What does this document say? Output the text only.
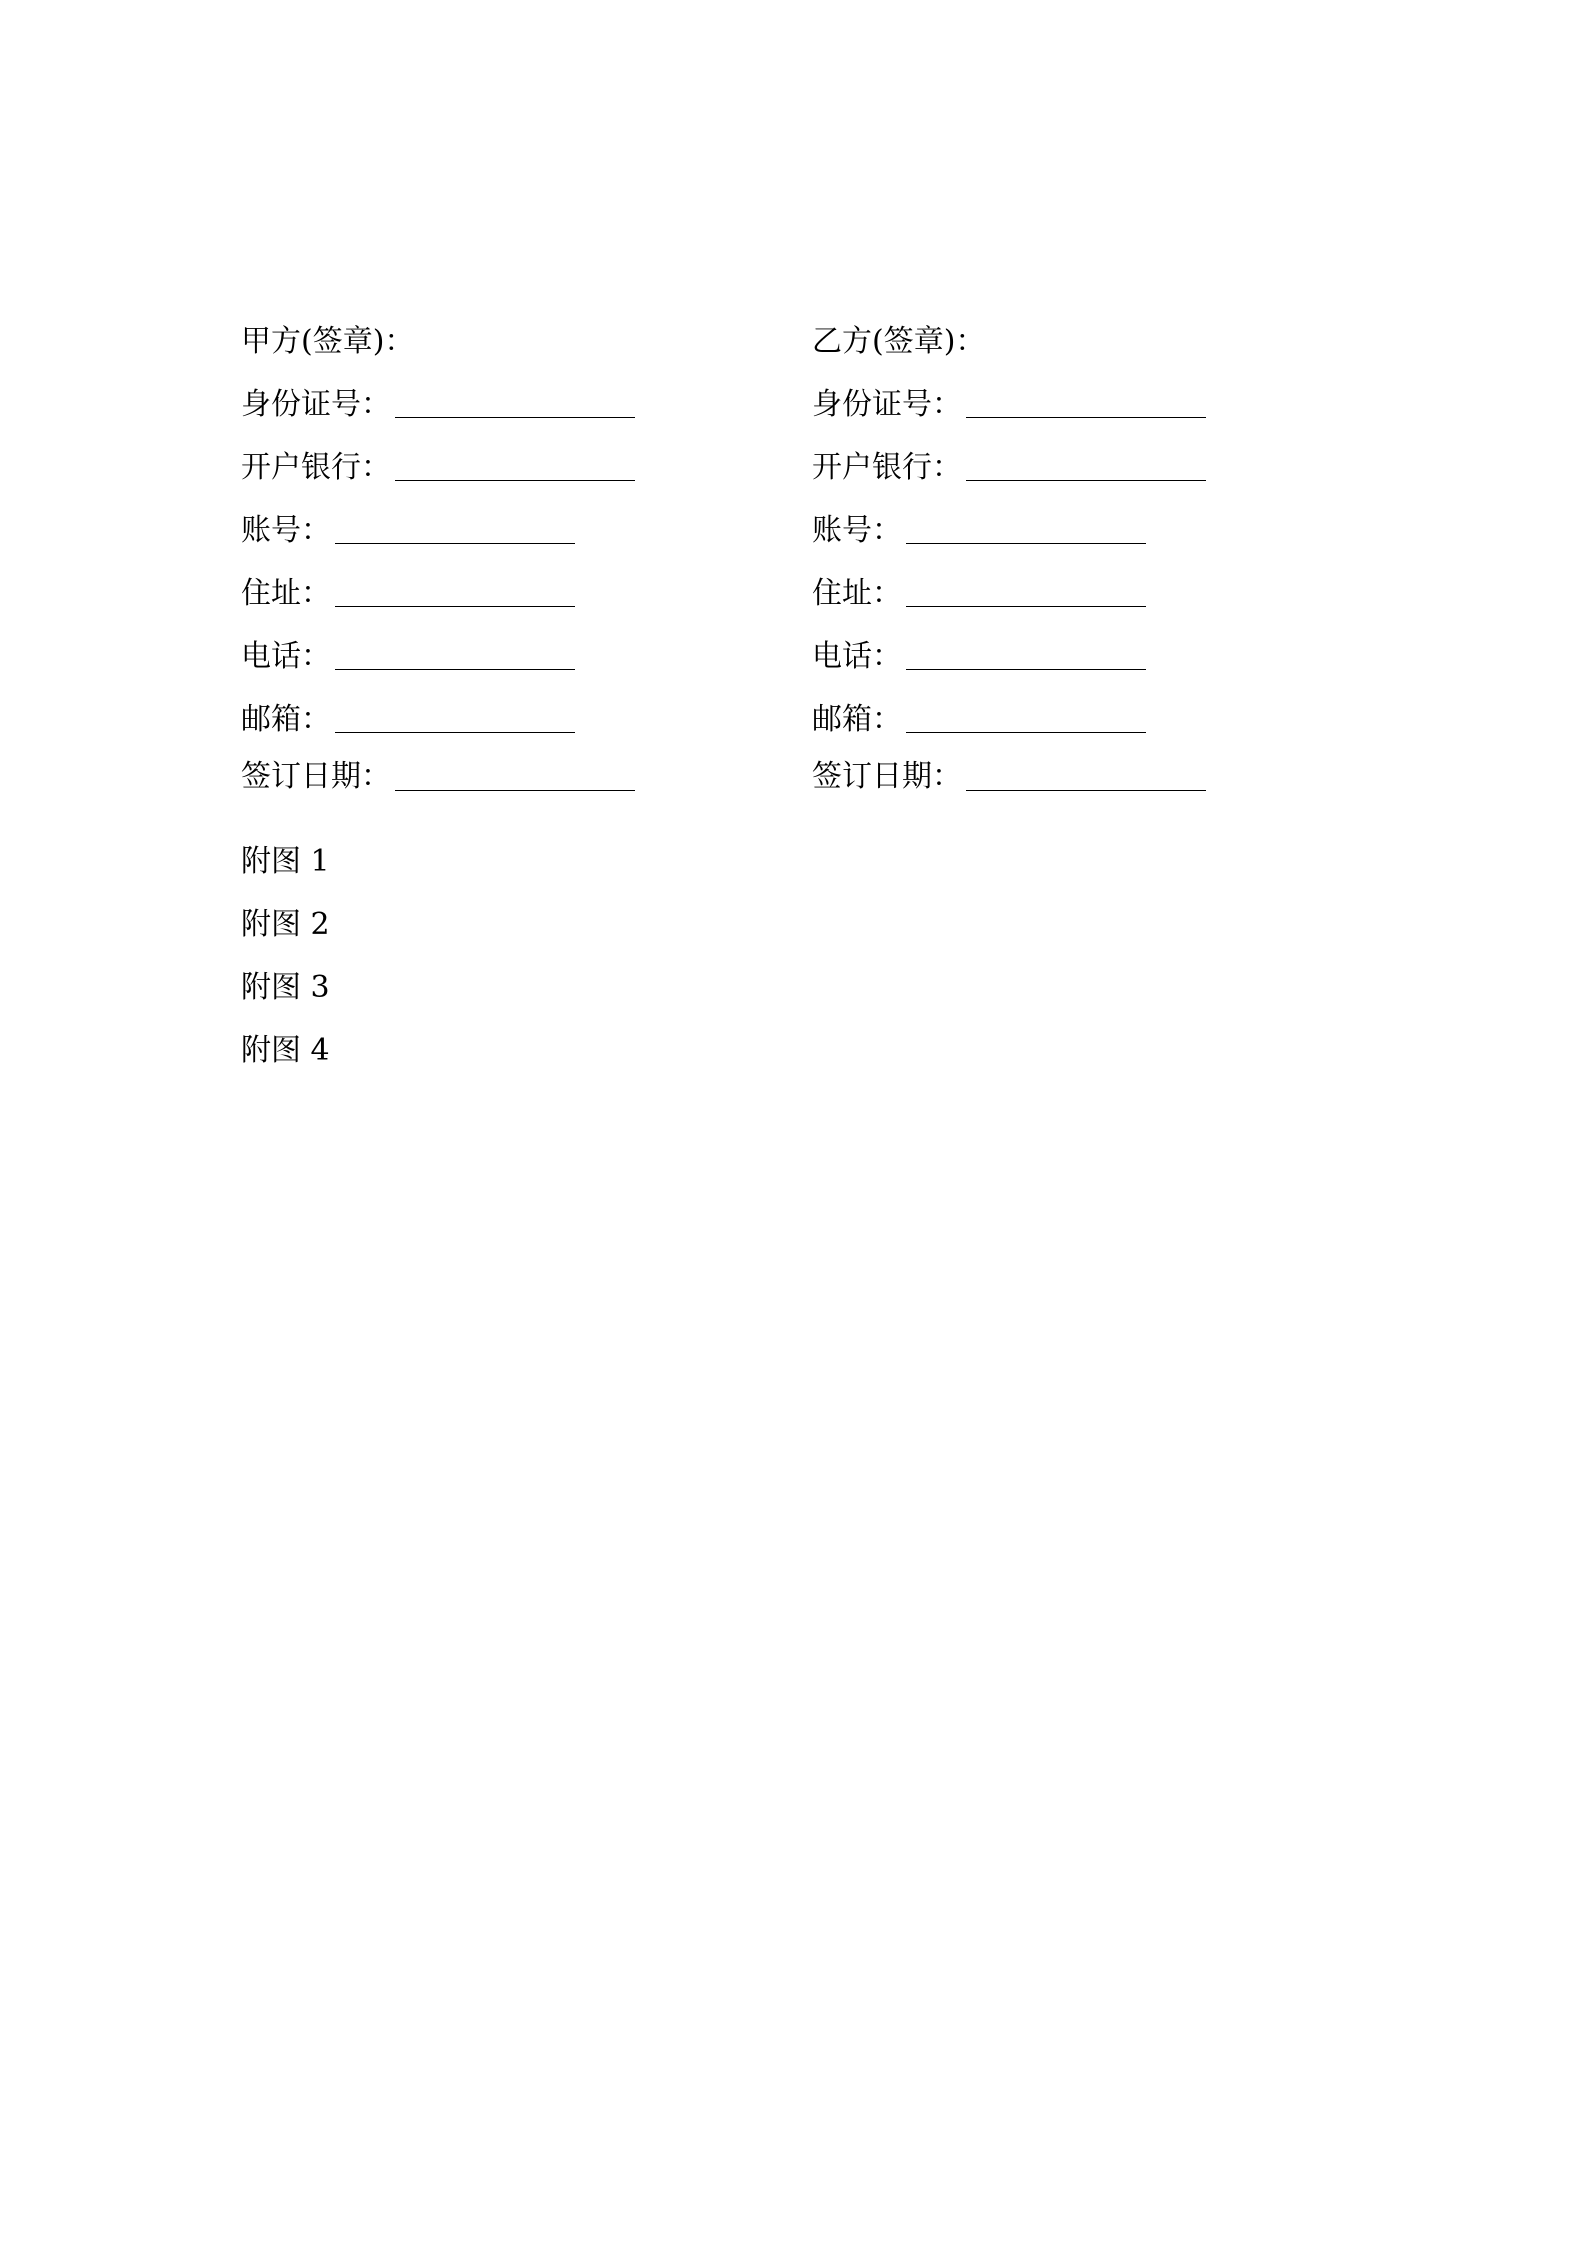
甲方(签章)：
身份证号：
开户银行：
账号：
住址：
电话：
邮箱：
签订日期：
乙方(签章)：
身份证号：
开户银行：
账号：
住址：
电话：
邮箱：
签订日期：
附图 1
附图 2
附图 3
附图 4
